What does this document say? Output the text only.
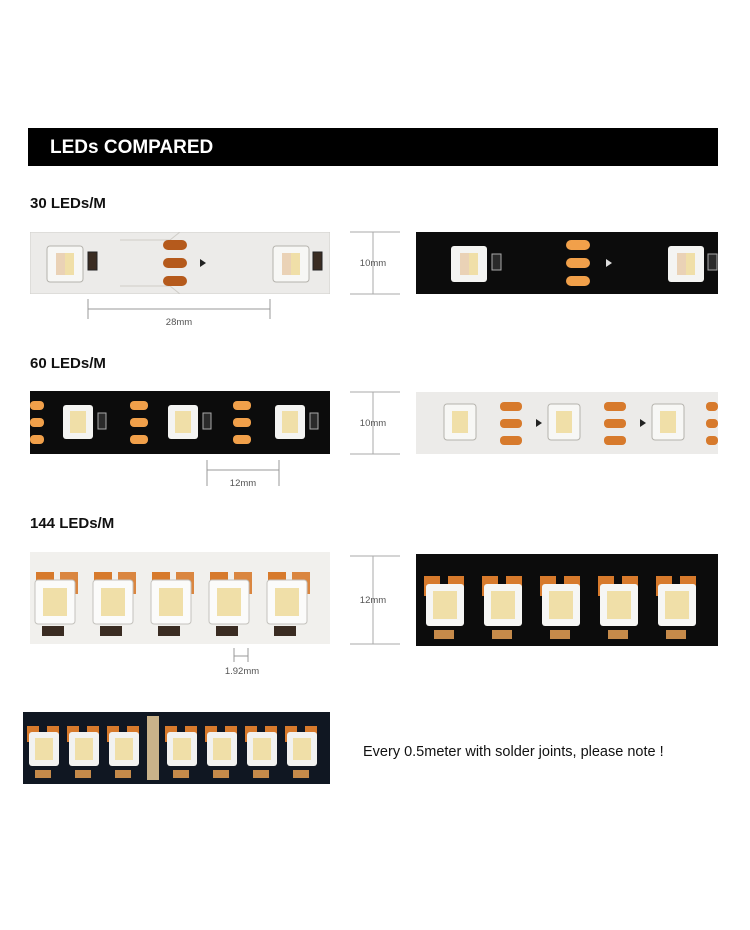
LEDs COMPARED
30 LEDs/M
28mm
10mm
60 LEDs/M
12mm
10mm
144 LEDs/M
1.92mm
12mm
Every 0.5meter with solder joints, please note !
